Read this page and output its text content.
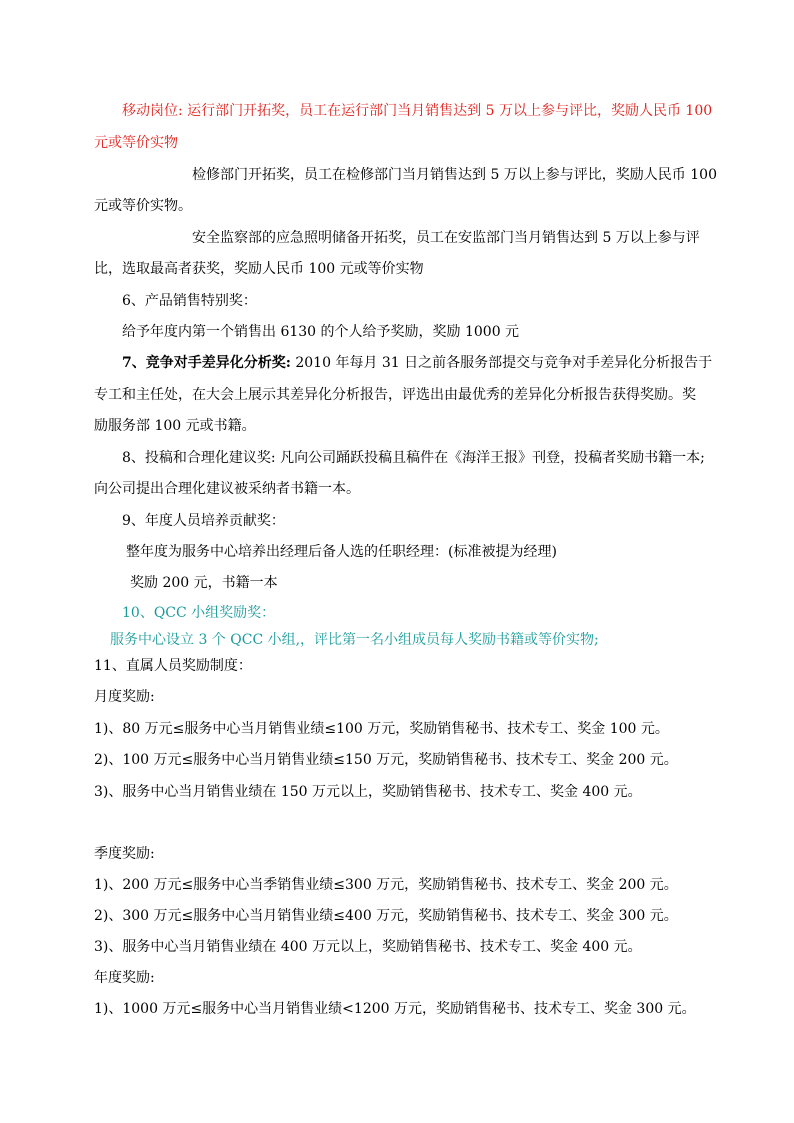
移动岗位: 运行部门开拓奖，员工在运行部门当月销售达到 5 万以上参与评比，奖励人民币 100
元或等价实物
检修部门开拓奖，员工在检修部门当月销售达到 5 万以上参与评比，奖励人民币 100
元或等价实物。
安全监察部的应急照明储备开拓奖，员工在安监部门当月销售达到 5 万以上参与评
比，选取最高者获奖，奖励人民币 100 元或等价实物
6、产品销售特别奖：
给予年度内第一个销售出 6130 的个人给予奖励，奖励 1000 元
7、竞争对手差异化分析奖: 2010 年每月 31 日之前各服务部提交与竞争对手差异化分析报告于
专工和主任处，在大会上展示其差异化分析报告，评选出由最优秀的差异化分析报告获得奖励。奖
励服务部 100 元或书籍。
8、投稿和合理化建议奖: 凡向公司踊跃投稿且稿件在《海洋王报》刊登，投稿者奖励书籍一本;
向公司提出合理化建议被采纳者书籍一本。
9、年度人员培养贡献奖：
整年度为服务中心培养出经理后备人选的任职经理：(标准被提为经理)
奖励 200 元，书籍一本
10、QCC 小组奖励奖：
服务中心设立 3 个 QCC 小组,，评比第一名小组成员每人奖励书籍或等价实物;
11、直属人员奖励制度：
月度奖励:
1)、80 万元≤服务中心当月销售业绩≤100 万元，奖励销售秘书、技术专工、奖金 100 元。
2)、100 万元≤服务中心当月销售业绩≤150 万元，奖励销售秘书、技术专工、奖金 200 元。
3)、服务中心当月销售业绩在 150 万元以上，奖励销售秘书、技术专工、奖金 400 元。
季度奖励:
1)、200 万元≤服务中心当季销售业绩≤300 万元，奖励销售秘书、技术专工、奖金 200 元。
2)、300 万元≤服务中心当月销售业绩≤400 万元，奖励销售秘书、技术专工、奖金 300 元。
3)、服务中心当月销售业绩在 400 万元以上，奖励销售秘书、技术专工、奖金 400 元。
年度奖励:
1)、1000 万元≤服务中心当月销售业绩<1200 万元，奖励销售秘书、技术专工、奖金 300 元。
